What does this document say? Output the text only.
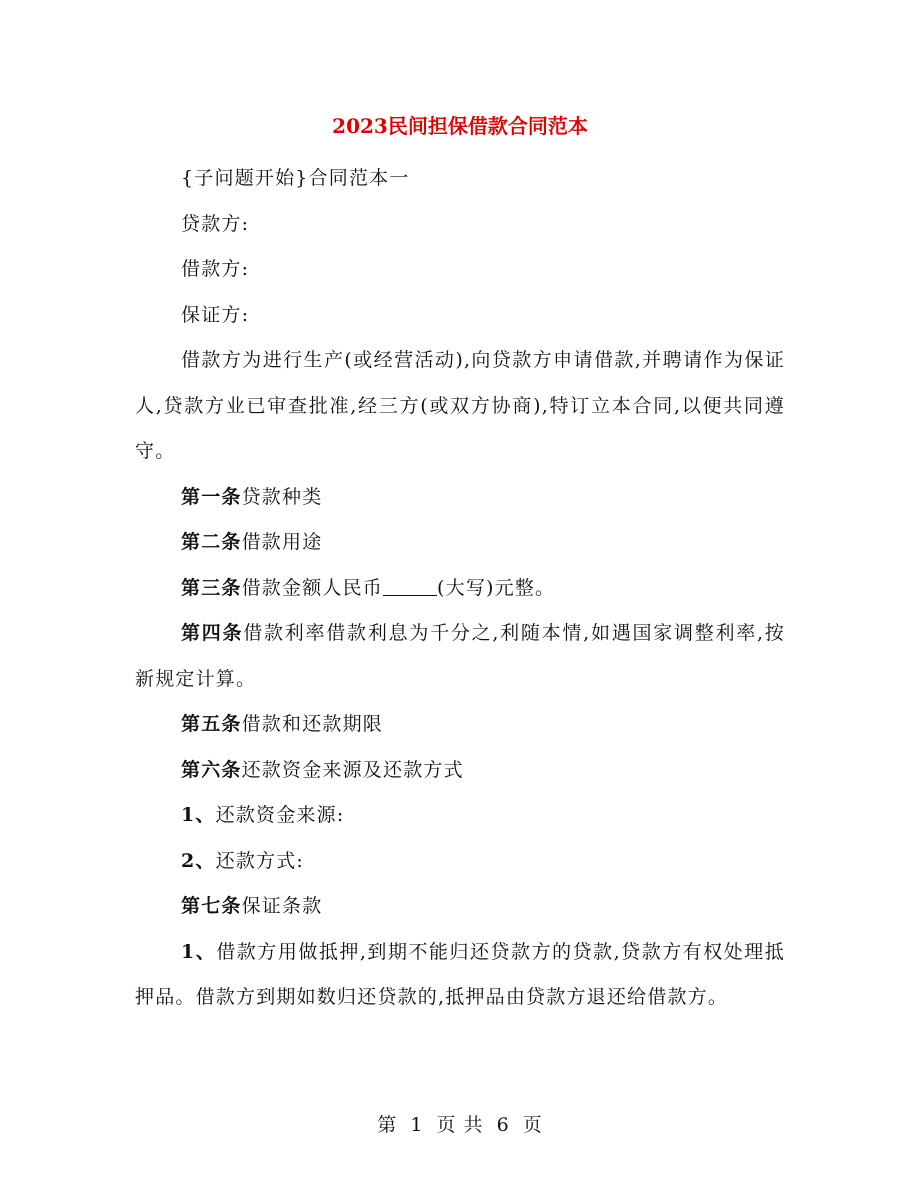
2023民间担保借款合同范本

{子问题开始}合同范本一

贷款方:

借款方:

保证方:

借款方为进行生产(或经营活动),向贷款方申请借款,并聘请作为保证人,贷款方业已审查批准,经三方(或双方协商),特订立本合同,以便共同遵守。

第一条贷款种类

第二条借款用途

第三条借款金额人民币	(大写)元整。

第四条借款利率借款利息为千分之,利随本情,如遇国家调整利率,按新规定计算。

第五条借款和还款期限

第六条还款资金来源及还款方式

1、还款资金来源:

2、还款方式:

第七条保证条款

1、借款方用做抵押,到期不能归还贷款方的贷款,贷款方有权处理抵押品。借款方到期如数归还贷款的,抵押品由贷款方退还给借款方。

第 1 页 共 6 页
